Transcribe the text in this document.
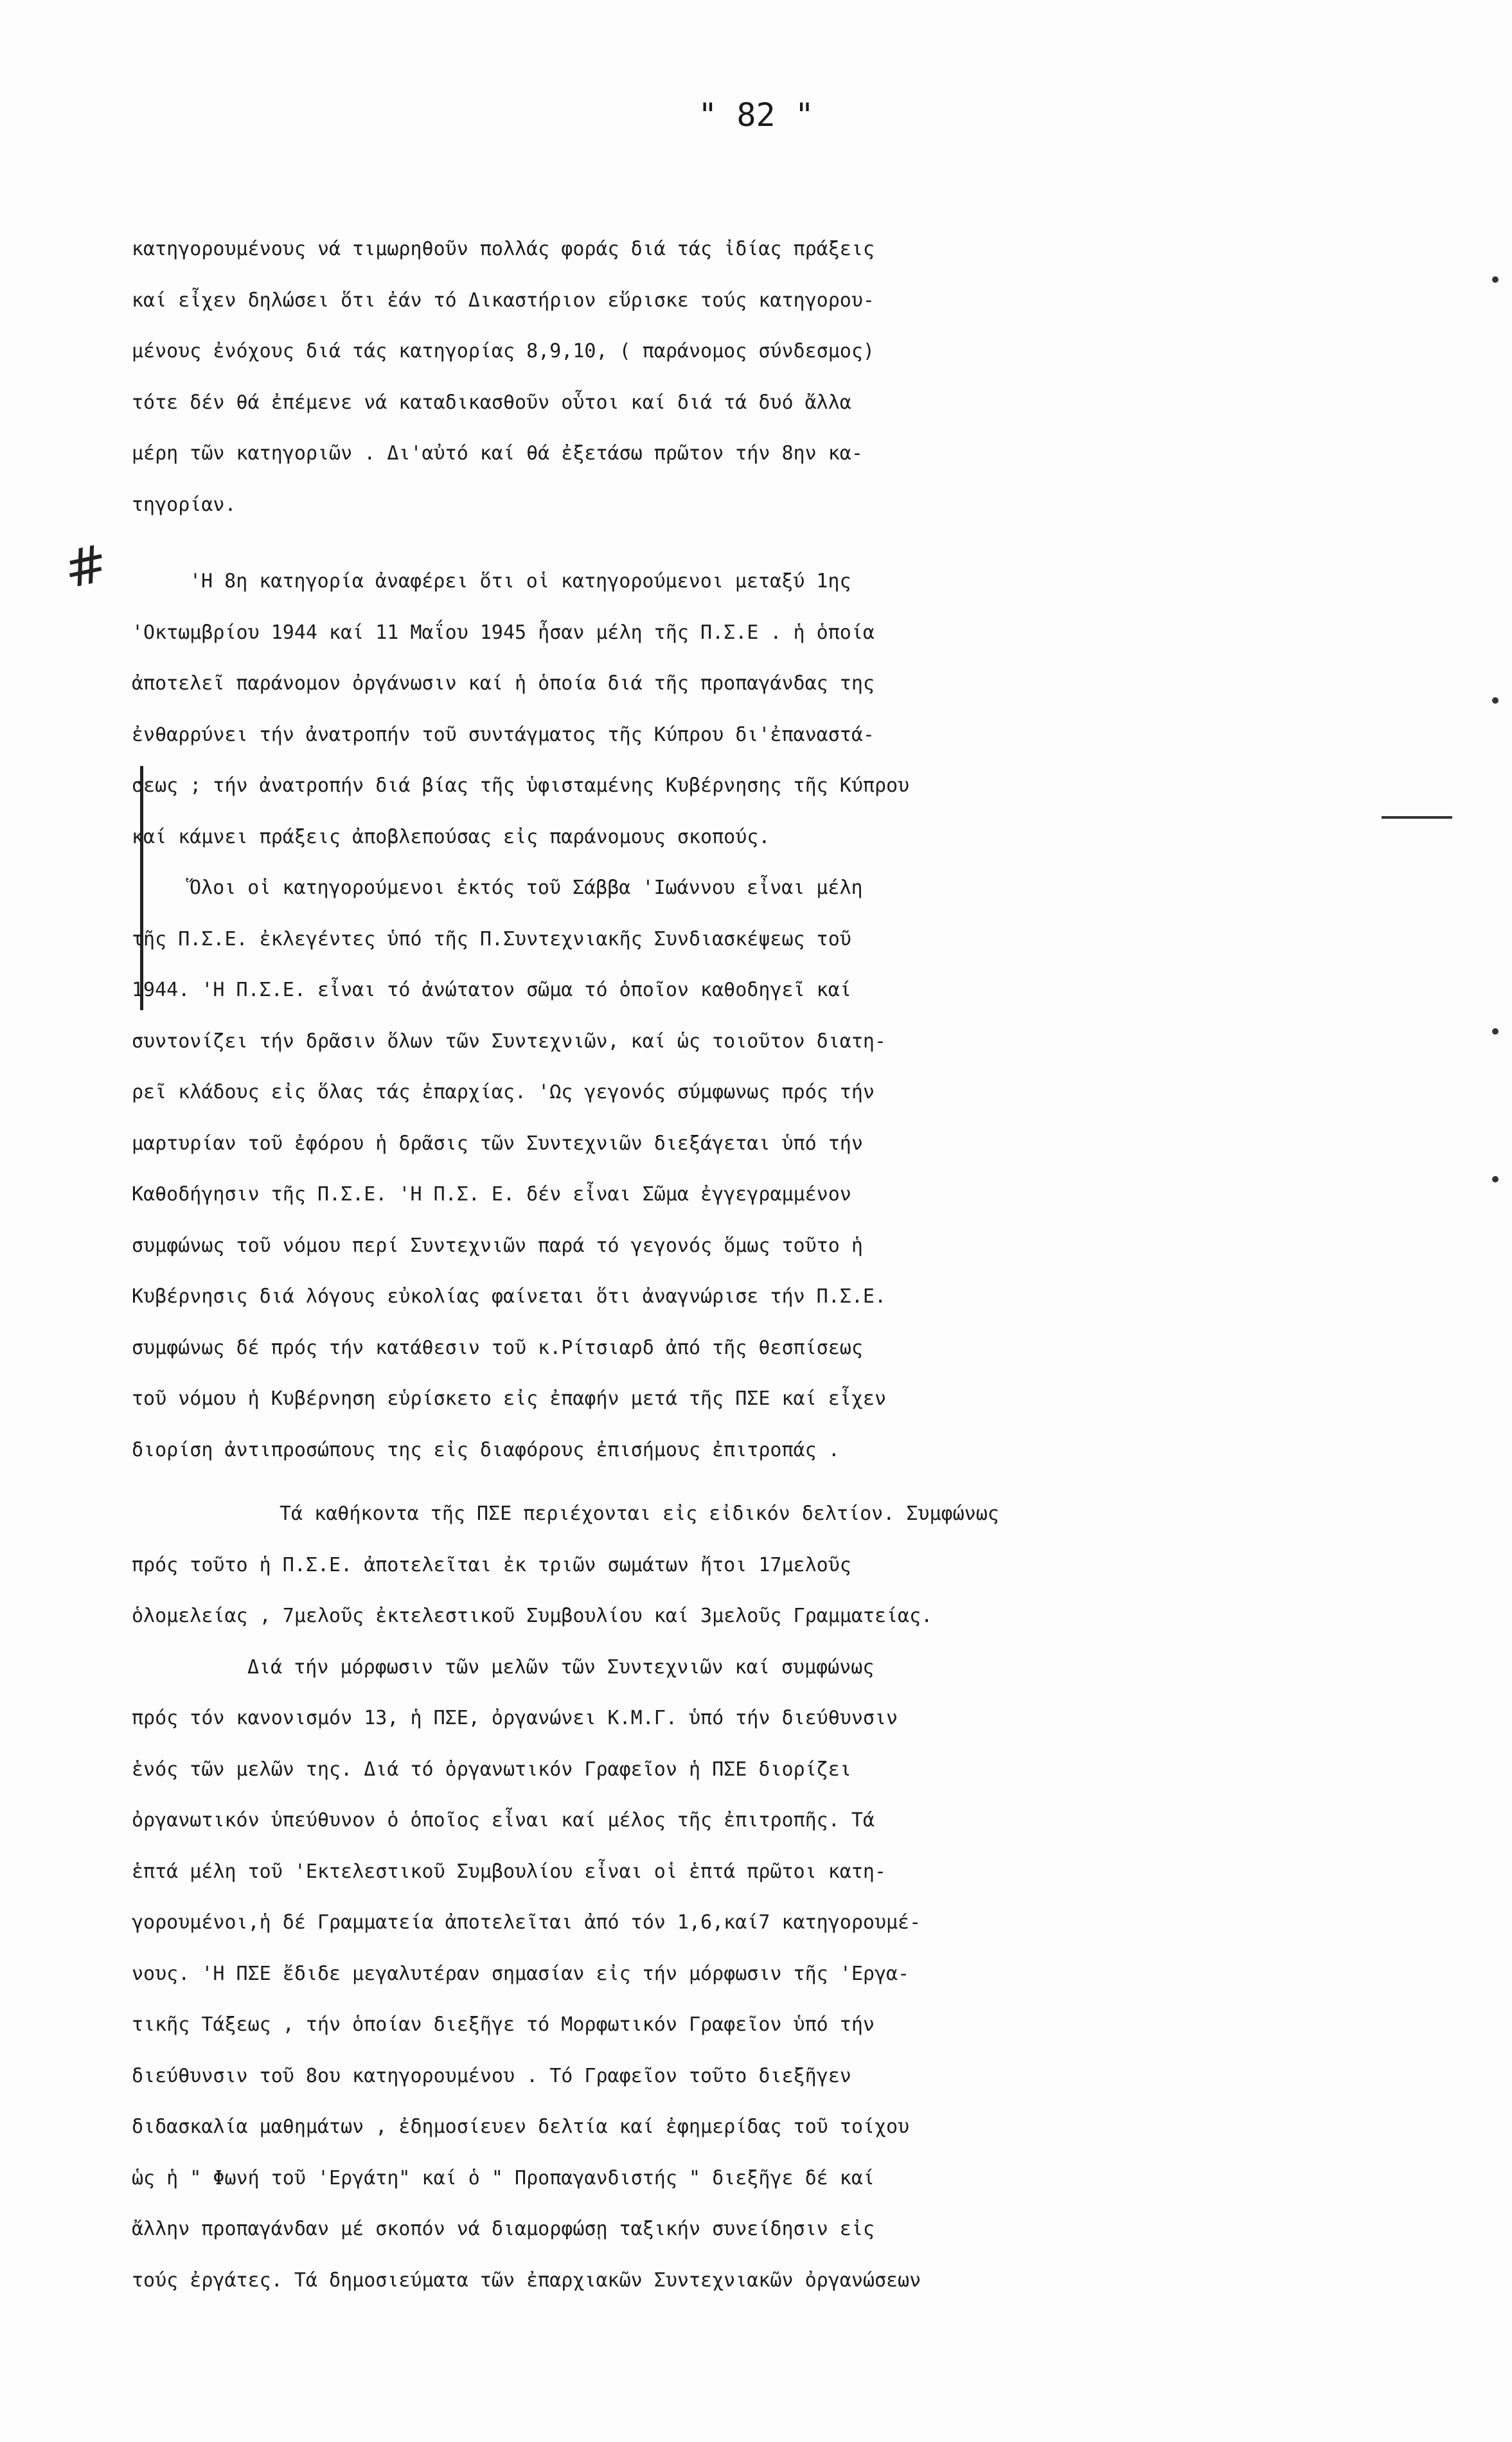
" 82 "
#
κατηγορουμένους νά τιμωρηθοῦν πολλάς φοράς διά τάς ἰδίας πράξεις
καί εἶχεν δηλώσει ὅτι ἐάν τό Δικαστήριον εὕρισκε τούς κατηγορου-
μένους ἐνόχους διά τάς κατηγορίας 8,9,10, ( παράνομος σύνδεσμος)
τότε δέν θά ἐπέμενε νά καταδικασθοῦν οὗτοι καί διά τά δυό ἄλλα
μέρη τῶν κατηγοριῶν . Δι'αὐτό καί θά ἐξετάσω πρῶτον τήν 8ην κα-
τηγορίαν.
'Η 8η κατηγορία ἀναφέρει ὅτι οἱ κατηγορούμενοι μεταξύ 1ης
'Οκτωμβρίου 1944 καί 11 Μαΐου 1945 ἦσαν μέλη τῆς Π.Σ.Ε . ἡ ὁποία
ἀποτελεῖ παράνομον ὀργάνωσιν καί ἡ ὁποία διά τῆς προπαγάνδας της
ἐνθαρρύνει τήν ἀνατροπήν τοῦ συντάγματος τῆς Κύπρου δι'ἐπαναστά-
σεως ; τήν ἀνατροπήν διά βίας τῆς ὑφισταμένης Κυβέρνησης τῆς Κύπρου
καί κάμνει πράξεις ἀποβλεπούσας εἰς παράνομους σκοπούς.
Ὅλοι οἱ κατηγορούμενοι ἐκτός τοῦ Σάββα 'Ιωάννου εἶναι μέλη
τῆς Π.Σ.Ε. ἐκλεγέντες ὑπό τῆς Π.Συντεχνιακῆς Συνδιασκέψεως τοῦ
1944. 'Η Π.Σ.Ε. εἶναι τό ἀνώτατον σῶμα τό ὁποῖον καθοδηγεῖ καί
συντονίζει τήν δρᾶσιν ὅλων τῶν Συντεχνιῶν, καί ὡς τοιοῦτον διατη-
ρεῖ κλάδους εἰς ὅλας τάς ἐπαρχίας. 'Ως γεγονός σύμφωνως πρός τήν
μαρτυρίαν τοῦ ἐφόρου ἡ δρᾶσις τῶν Συντεχνιῶν διεξάγεται ὑπό τήν
Καθοδήγησιν τῆς Π.Σ.Ε. 'Η Π.Σ. Ε. δέν εἶναι Σῶμα ἐγγεγραμμένον
συμφώνως τοῦ νόμου περί Συντεχνιῶν παρά τό γεγονός ὅμως τοῦτο ἡ
Κυβέρνησις διά λόγους εὐκολίας φαίνεται ὅτι ἀναγνώρισε τήν Π.Σ.Ε.
συμφώνως δέ πρός τήν κατάθεσιν τοῦ κ.Ρίτσιαρδ ἀπό τῆς θεσπίσεως
τοῦ νόμου ἡ Κυβέρνηση εὑρίσκετο εἰς ἐπαφήν μετά τῆς ΠΣΕ καί εἶχεν
διορίση ἀντιπροσώπους της εἰς διαφόρους ἐπισήμους ἐπιτροπάς .
Τά καθήκοντα τῆς ΠΣΕ περιέχονται εἰς εἰδικόν δελτίον. Συμφώνως
πρός τοῦτο ἡ Π.Σ.Ε. ἀποτελεῖται ἐκ τριῶν σωμάτων ἤτοι 17μελοῦς
ὁλομελείας , 7μελοῦς ἐκτελεστικοῦ Συμβουλίου καί 3μελοῦς Γραμματείας.
Διά τήν μόρφωσιν τῶν μελῶν τῶν Συντεχνιῶν καί συμφώνως
πρός τόν κανονισμόν 13, ἡ ΠΣΕ, ὀργανώνει Κ.Μ.Γ. ὑπό τήν διεύθυνσιν
ἑνός τῶν μελῶν της. Διά τό ὀργανωτικόν Γραφεῖον ἡ ΠΣΕ διορίζει
ὀργανωτικόν ὑπεύθυνον ὁ ὁποῖος εἶναι καί μέλος τῆς ἐπιτροπῆς. Τά
ἑπτά μέλη τοῦ 'Εκτελεστικοῦ Συμβουλίου εἶναι οἱ ἑπτά πρῶτοι κατη-
γορουμένοι,ἡ δέ Γραμματεία ἀποτελεῖται ἀπό τόν 1,6,καί7 κατηγορουμέ-
νους. 'Η ΠΣΕ ἔδιδε μεγαλυτέραν σημασίαν εἰς τήν μόρφωσιν τῆς 'Εργα-
τικῆς Τάξεως , τήν ὁποίαν διεξῆγε τό Μορφωτικόν Γραφεῖον ὑπό τήν
διεύθυνσιν τοῦ 8ου κατηγορουμένου . Τό Γραφεῖον τοῦτο διεξῆγεν
διδασκαλία μαθημάτων , ἐδημοσίευεν δελτία καί ἐφημερίδας τοῦ τοίχου
ὡς ἡ " Φωνή τοῦ 'Εργάτη" καί ὁ " Προπαγανδιστής " διεξῆγε δέ καί
ἄλλην προπαγάνδαν μέ σκοπόν νά διαμορφώσῃ ταξικήν συνείδησιν εἰς
τούς ἐργάτες. Τά δημοσιεύματα τῶν ἐπαρχιακῶν Συντεχνιακῶν ὀργανώσεων
